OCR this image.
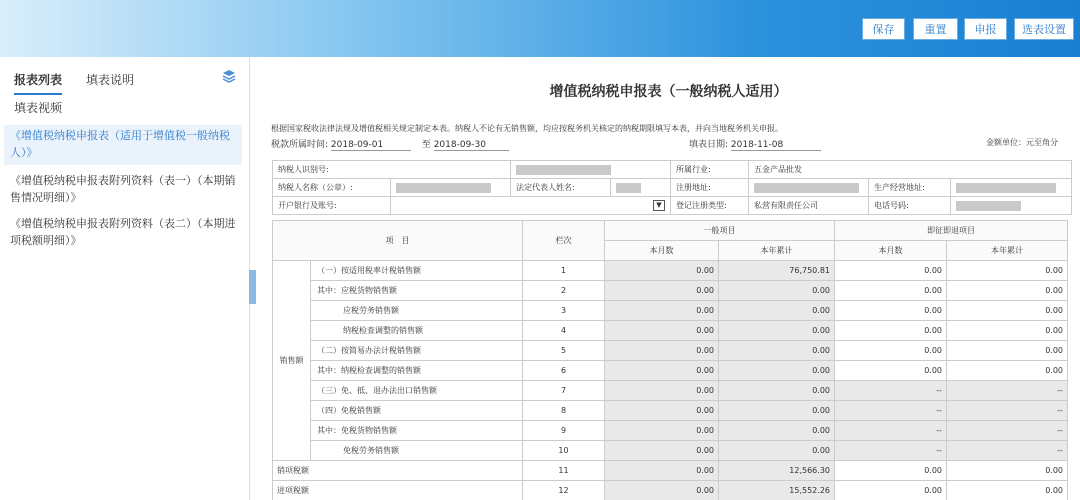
保存	重置	申报	选表设置
报表列表 填表说明
填表视频
《增值税纳税申报表（适用于增值税一般纳税人）》
《增值税纳税申报表附列资料（表一）（本期销售情况明细）》
《增值税纳税申报表附列资料（表二）（本期进项税额明细）》
增值税纳税申报表（一般纳税人适用）
根据国家税收法律法规及增值税相关规定制定本表。纳税人不论有无销售额，均应按税务机关核定的纳税期限填写本表，并向当地税务机关申报。
税款所属时间: 2018-09-01	至 2018-09-30	填表日期: 2018-11-08	金额单位：元至角分
纳税人识别号:				所属行业:	五金产品批发		
纳税人名称（公章）:		法定代表人姓名:		注册地址:		生产经营地址:	
开户银行及账号:	▼			登记注册类型:	私营有限责任公司	电话号码:	
项　目		栏次	一般项目		即征即退项目	
			本月数	本年累计	本月数	本年累计
销售额	（一）按适用税率计税销售额	1	0.00	76,750.81	0.00	0.00
	其中：应税货物销售额	2	0.00	0.00	0.00	0.00
	应税劳务销售额	3	0.00	0.00	0.00	0.00
	纳税检查调整的销售额	4	0.00	0.00	0.00	0.00
	（二）按简易办法计税销售额	5	0.00	0.00	0.00	0.00
	其中：纳税检查调整的销售额	6	0.00	0.00	0.00	0.00
	（三）免、抵、退办法出口销售额	7	0.00	0.00	--	--
	（四）免税销售额	8	0.00	0.00	--	--
	其中：免税货物销售额	9	0.00	0.00	--	--
	免税劳务销售额	10	0.00	0.00	--	--
销项税额		11	0.00	12,566.30	0.00	0.00
进项税额		12	0.00	15,552.26	0.00	0.00
